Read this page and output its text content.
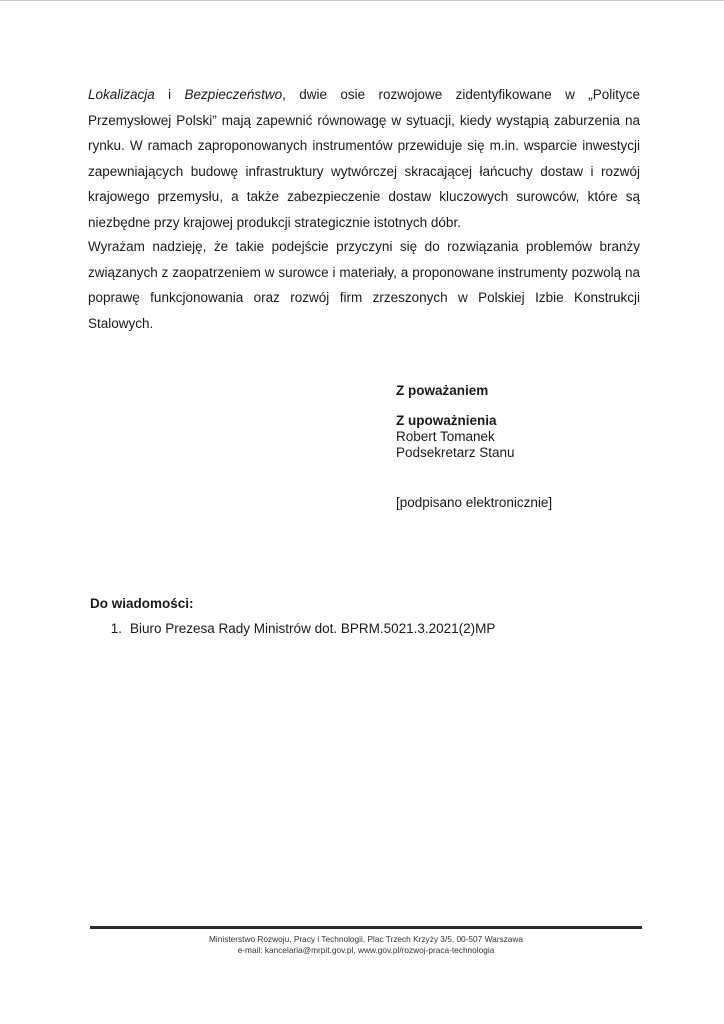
Lokalizacja i Bezpieczeństwo, dwie osie rozwojowe zidentyfikowane w „Polityce Przemysłowej Polski” mają zapewnić równowagę w sytuacji, kiedy wystąpią zaburzenia na rynku. W ramach zaproponowanych instrumentów przewiduje się m.in. wsparcie inwestycji zapewniających budowę infrastruktury wytwórczej skracającej łańcuchy dostaw i rozwój krajowego przemysłu, a także zabezpieczenie dostaw kluczowych surowców, które są niezbędne przy krajowej produkcji strategicznie istotnych dóbr.

Wyrażam nadzieję, że takie podejście przyczyni się do rozwiązania problemów branży związanych z zaopatrzeniem w surowce i materiały, a proponowane instrumenty pozwolą na poprawę funkcjonowania oraz rozwój firm zrzeszonych w Polskiej Izbie Konstrukcji Stalowych.

Z poważaniem
Z upoważnienia
Robert Tomanek
Podsekretarz Stanu
[podpisano elektronicznie]
Do wiadomości:
1. Biuro Prezesa Rady Ministrów dot. BPRM.5021.3.2021(2)MP
Ministerstwo Rozwoju, Pracy i Technologii, Plac Trzech Krzyży 3/5, 00-507 Warszawa
e-mail: kancelaria@mrpit.gov.pl, www.gov.pl/rozwoj-praca-technologia
